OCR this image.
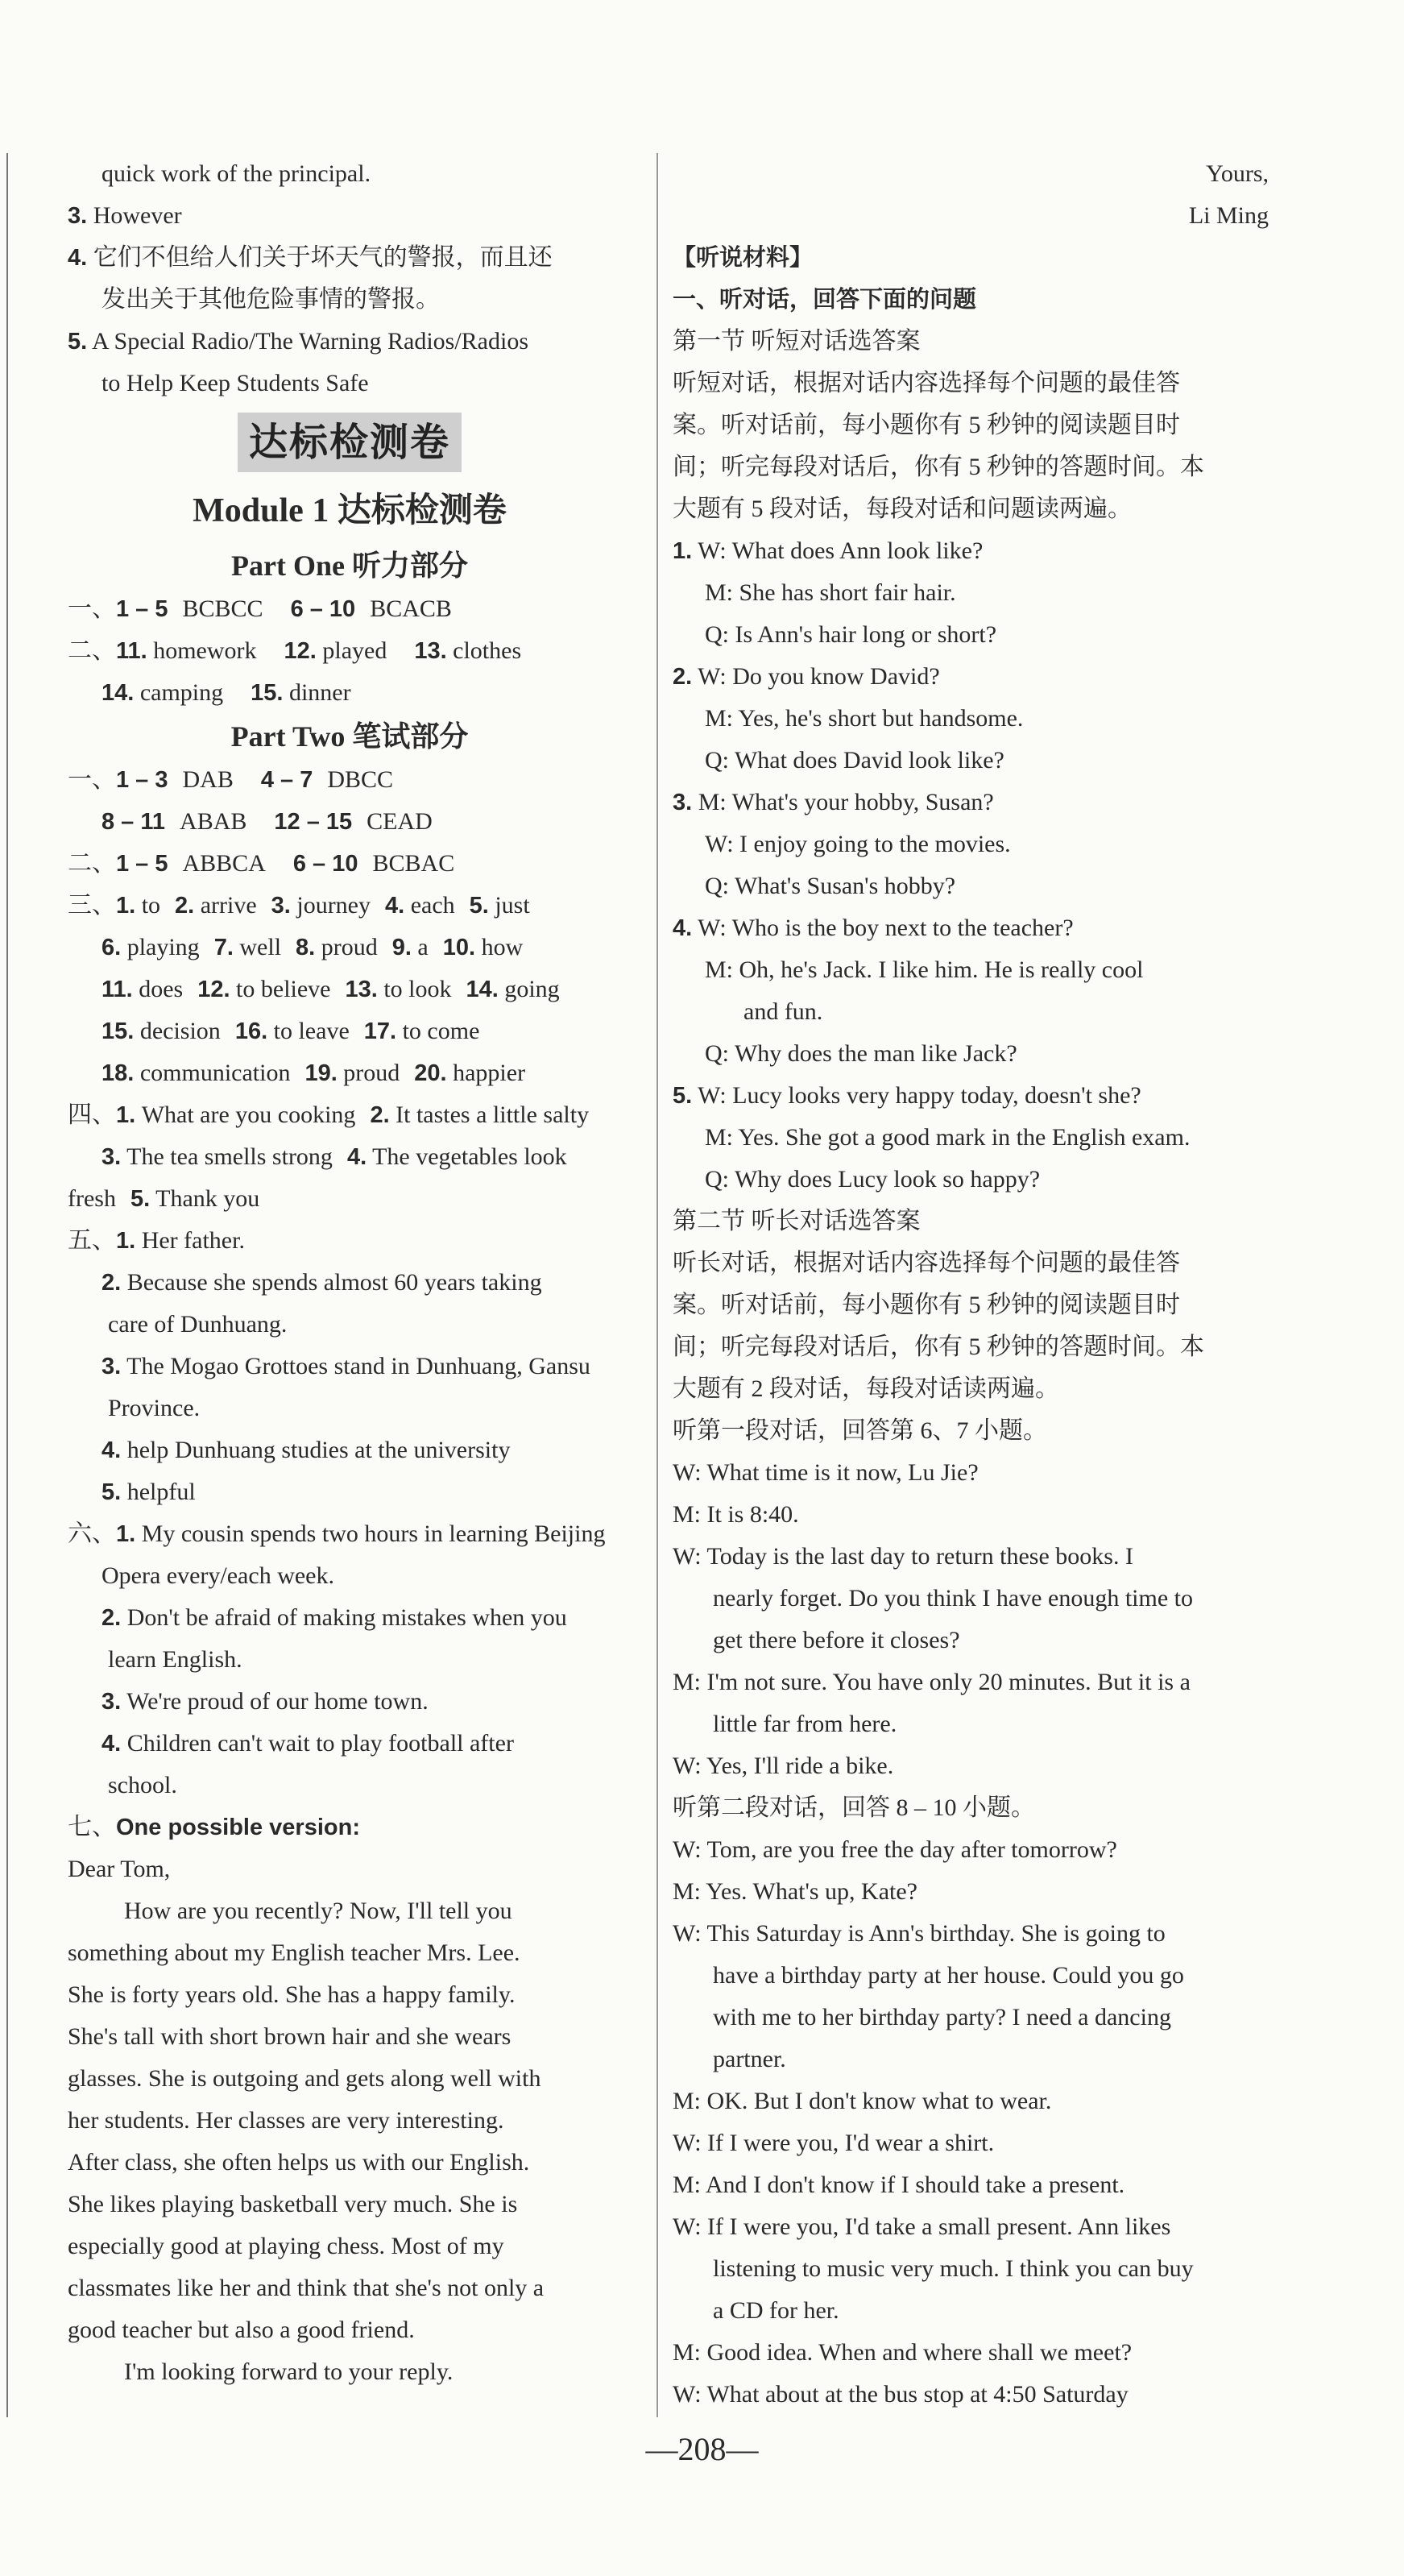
quick work of the principal.
3. However
4. 它们不但给人们关于坏天气的警报，而且还
发出关于其他危险事情的警报。
5. A Special Radio/The Warning Radios/Radios
to Help Keep Students Safe
达标检测卷
Module 1 达标检测卷
Part One 听力部分
一、1 – 5 BCBCC 6 – 10 BCACB
二、11. homework 12. played 13. clothes
14. camping 15. dinner
Part Two 笔试部分
一、1 – 3 DAB 4 – 7 DBCC
8 – 11 ABAB 12 – 15 CEAD
二、1 – 5 ABBCA 6 – 10 BCBAC
三、1. to 2. arrive 3. journey 4. each 5. just
6. playing 7. well 8. proud 9. a 10. how
11. does 12. to believe 13. to look 14. going
15. decision 16. to leave 17. to come
18. communication 19. proud 20. happier
四、1. What are you cooking 2. It tastes a little salty
3. The tea smells strong 4. The vegetables look
fresh 5. Thank you
五、1. Her father.
2. Because she spends almost 60 years taking
care of Dunhuang.
3. The Mogao Grottoes stand in Dunhuang, Gansu
Province.
4. help Dunhuang studies at the university
5. helpful
六、1. My cousin spends two hours in learning Beijing
Opera every/each week.
2. Don't be afraid of making mistakes when you
learn English.
3. We're proud of our home town.
4. Children can't wait to play football after
school.
七、One possible version:
Dear Tom,
How are you recently? Now, I'll tell you
something about my English teacher Mrs. Lee.
She is forty years old. She has a happy family.
She's tall with short brown hair and she wears
glasses. She is outgoing and gets along well with
her students. Her classes are very interesting.
After class, she often helps us with our English.
She likes playing basketball very much. She is
especially good at playing chess. Most of my
classmates like her and think that she's not only a
good teacher but also a good friend.
I'm looking forward to your reply.
Yours,
Li Ming
【听说材料】
一、听对话，回答下面的问题
第一节 听短对话选答案
听短对话，根据对话内容选择每个问题的最佳答
案。听对话前，每小题你有 5 秒钟的阅读题目时
间；听完每段对话后，你有 5 秒钟的答题时间。本
大题有 5 段对话，每段对话和问题读两遍。
1. W: What does Ann look like?
M: She has short fair hair.
Q: Is Ann's hair long or short?
2. W: Do you know David?
M: Yes, he's short but handsome.
Q: What does David look like?
3. M: What's your hobby, Susan?
W: I enjoy going to the movies.
Q: What's Susan's hobby?
4. W: Who is the boy next to the teacher?
M: Oh, he's Jack. I like him. He is really cool
and fun.
Q: Why does the man like Jack?
5. W: Lucy looks very happy today, doesn't she?
M: Yes. She got a good mark in the English exam.
Q: Why does Lucy look so happy?
第二节 听长对话选答案
听长对话，根据对话内容选择每个问题的最佳答
案。听对话前，每小题你有 5 秒钟的阅读题目时
间；听完每段对话后，你有 5 秒钟的答题时间。本
大题有 2 段对话，每段对话读两遍。
听第一段对话，回答第 6、7 小题。
W: What time is it now, Lu Jie?
M: It is 8:40.
W: Today is the last day to return these books. I
nearly forget. Do you think I have enough time to
get there before it closes?
M: I'm not sure. You have only 20 minutes. But it is a
little far from here.
W: Yes, I'll ride a bike.
听第二段对话，回答 8 – 10 小题。
W: Tom, are you free the day after tomorrow?
M: Yes. What's up, Kate?
W: This Saturday is Ann's birthday. She is going to
have a birthday party at her house. Could you go
with me to her birthday party? I need a dancing
partner.
M: OK. But I don't know what to wear.
W: If I were you, I'd wear a shirt.
M: And I don't know if I should take a present.
W: If I were you, I'd take a small present. Ann likes
listening to music very much. I think you can buy
a CD for her.
M: Good idea. When and where shall we meet?
W: What about at the bus stop at 4:50 Saturday
—208—
